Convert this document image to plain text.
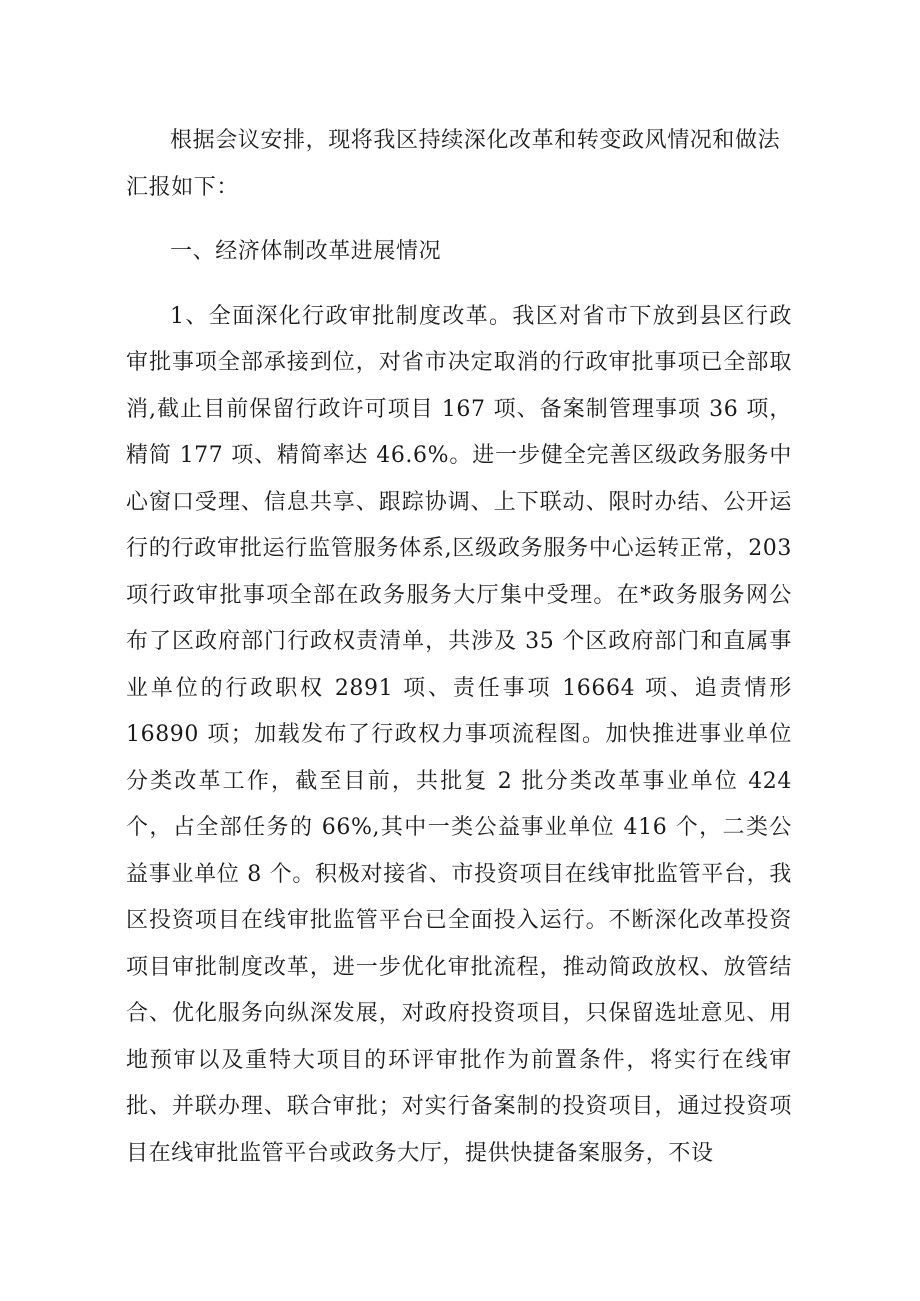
根据会议安排，现将我区持续深化改革和转变政风情况和做法
汇报如下：

一、经济体制改革进展情况

1、全面深化行政审批制度改革。我区对省市下放到县区行政审批事项全部承接到位，对省市决定取消的行政审批事项已全部取消,截止目前保留行政许可项目 167 项、备案制管理事项 36 项，精简 177 项、精简率达 46.6%。进一步健全完善区级政务服务中心窗口受理、信息共享、跟踪协调、上下联动、限时办结、公开运行的行政审批运行监管服务体系,区级政务服务中心运转正常，203 项行政审批事项全部在政务服务大厅集中受理。在*政务服务网公布了区政府部门行政权责清单，共涉及 35 个区政府部门和直属事业单位的行政职权 2891 项、责任事项 16664 项、追责情形 16890 项；加载发布了行政权力事项流程图。加快推进事业单位分类改革工作，截至目前，共批复 2 批分类改革事业单位 424 个，占全部任务的 66%,其中一类公益事业单位 416 个，二类公益事业单位 8 个。积极对接省、市投资项目在线审批监管平台，我区投资项目在线审批监管平台已全面投入运行。不断深化改革投资项目审批制度改革，进一步优化审批流程，推动简政放权、放管结合、优化服务向纵深发展，对政府投资项目，只保留选址意见、用地预审以及重特大项目的环评审批作为前置条件，将实行在线审批、并联办理、联合审批；对实行备案制的投资项目，通过投资项目在线审批监管平台或政务大厅，提供快捷备案服务，不设
